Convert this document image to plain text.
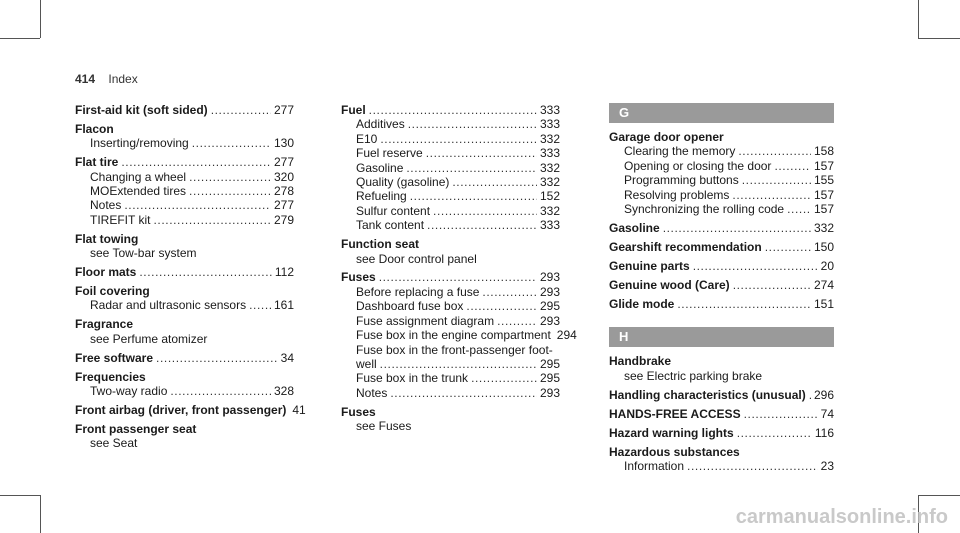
414 Index
First-aid kit (soft sided) .....	277
Flacon
Inserting/removing .....	130
Flat tire .....	277
Changing a wheel .....	320
MOExtended tires .....	278
Notes .....	277
TIREFIT kit .....	279
Flat towing
see Tow-bar system
Floor mats .....	112
Foil covering
Radar and ultrasonic sensors ..... 161
Fragrance
see Perfume atomizer
Free software .....	34
Frequencies
Two-way radio .....	328
Front airbag (driver, front passenger) 41
Front passenger seat
see Seat
Fuel .....	333
Additives .....	333
E10 .....	332
Fuel reserve .....	333
Gasoline .....	332
Quality (gasoline) .....	332
Refueling .....	152
Sulfur content .....	332
Tank content .....	333
Function seat
see Door control panel
Fuses .....	293
Before replacing a fuse .....	293
Dashboard fuse box .....	295
Fuse assignment diagram .....	293
Fuse box in the engine compartment 294
Fuse box in the front-passenger foot-
well .....	295
Fuse box in the trunk .....	295
Notes .....	293
Fuses
see Fuses
G
Garage door opener
Clearing the memory .....	158
Opening or closing the door .....	157
Programming buttons .....	155
Resolving problems .....	157
Synchronizing the rolling code ..... 157
Gasoline .....	332
Gearshift recommendation .....	150
Genuine parts .....	20
Genuine wood (Care) .....	274
Glide mode .....	151
H
Handbrake
see Electric parking brake
Handling characteristics (unusual) ..... 296
HANDS-FREE ACCESS .....	74
Hazard warning lights .....	116
Hazardous substances
Information .....	23
carmanualsonline.info
